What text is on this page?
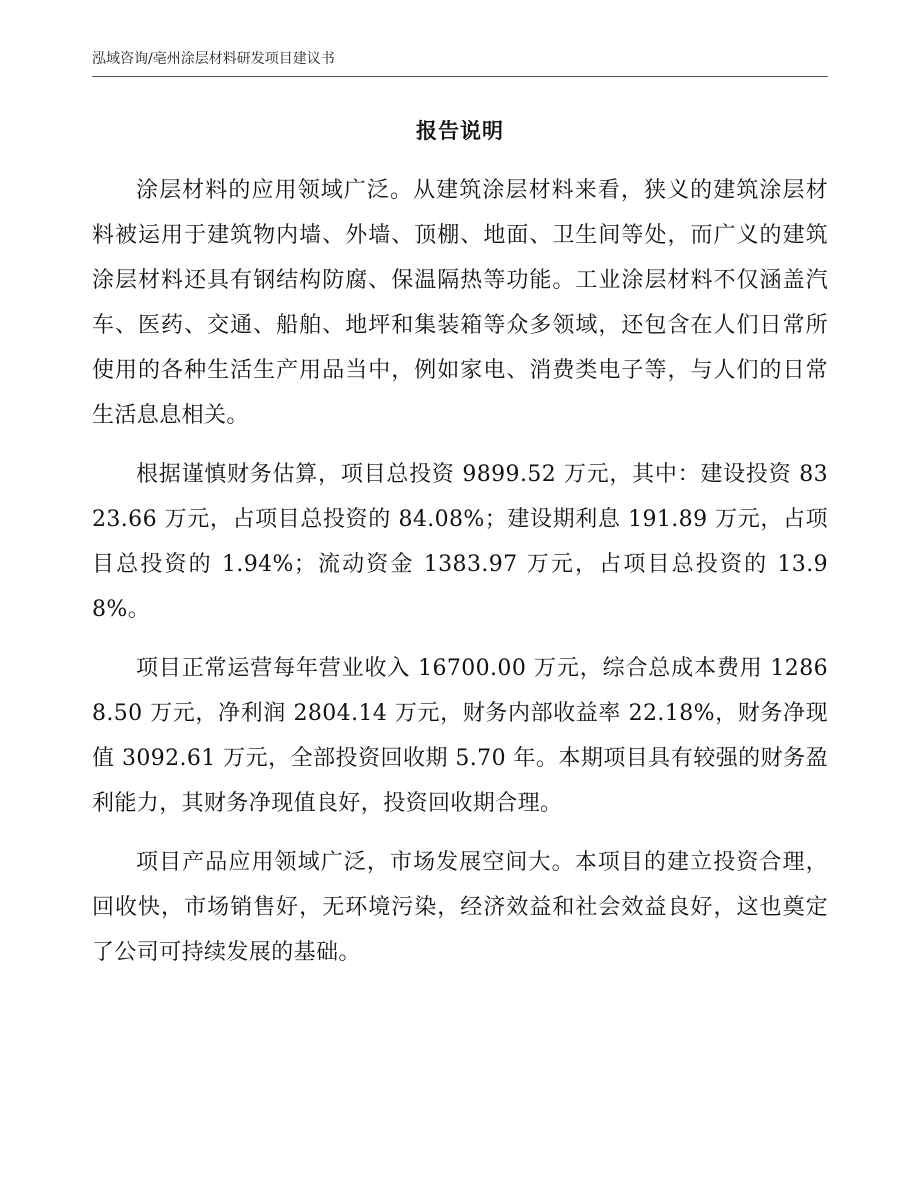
泓域咨询/亳州涂层材料研发项目建议书
报告说明

涂层材料的应用领域广泛。从建筑涂层材料来看，狭义的建筑涂层材料被运用于建筑物内墙、外墙、顶棚、地面、卫生间等处，而广义的建筑涂层材料还具有钢结构防腐、保温隔热等功能。工业涂层材料不仅涵盖汽车、医药、交通、船舶、地坪和集装箱等众多领域，还包含在人们日常所使用的各种生活生产用品当中，例如家电、消费类电子等，与人们的日常生活息息相关。

根据谨慎财务估算，项目总投资 9899.52 万元，其中：建设投资 8323.66 万元，占项目总投资的 84.08%；建设期利息 191.89 万元，占项目总投资的 1.94%；流动资金 1383.97 万元，占项目总投资的 13.98%。

项目正常运营每年营业收入 16700.00 万元，综合总成本费用 12868.50 万元，净利润 2804.14 万元，财务内部收益率 22.18%，财务净现值 3092.61 万元，全部投资回收期 5.70 年。本期项目具有较强的财务盈利能力，其财务净现值良好，投资回收期合理。

项目产品应用领域广泛，市场发展空间大。本项目的建立投资合理，回收快，市场销售好，无环境污染，经济效益和社会效益良好，这也奠定了公司可持续发展的基础。
